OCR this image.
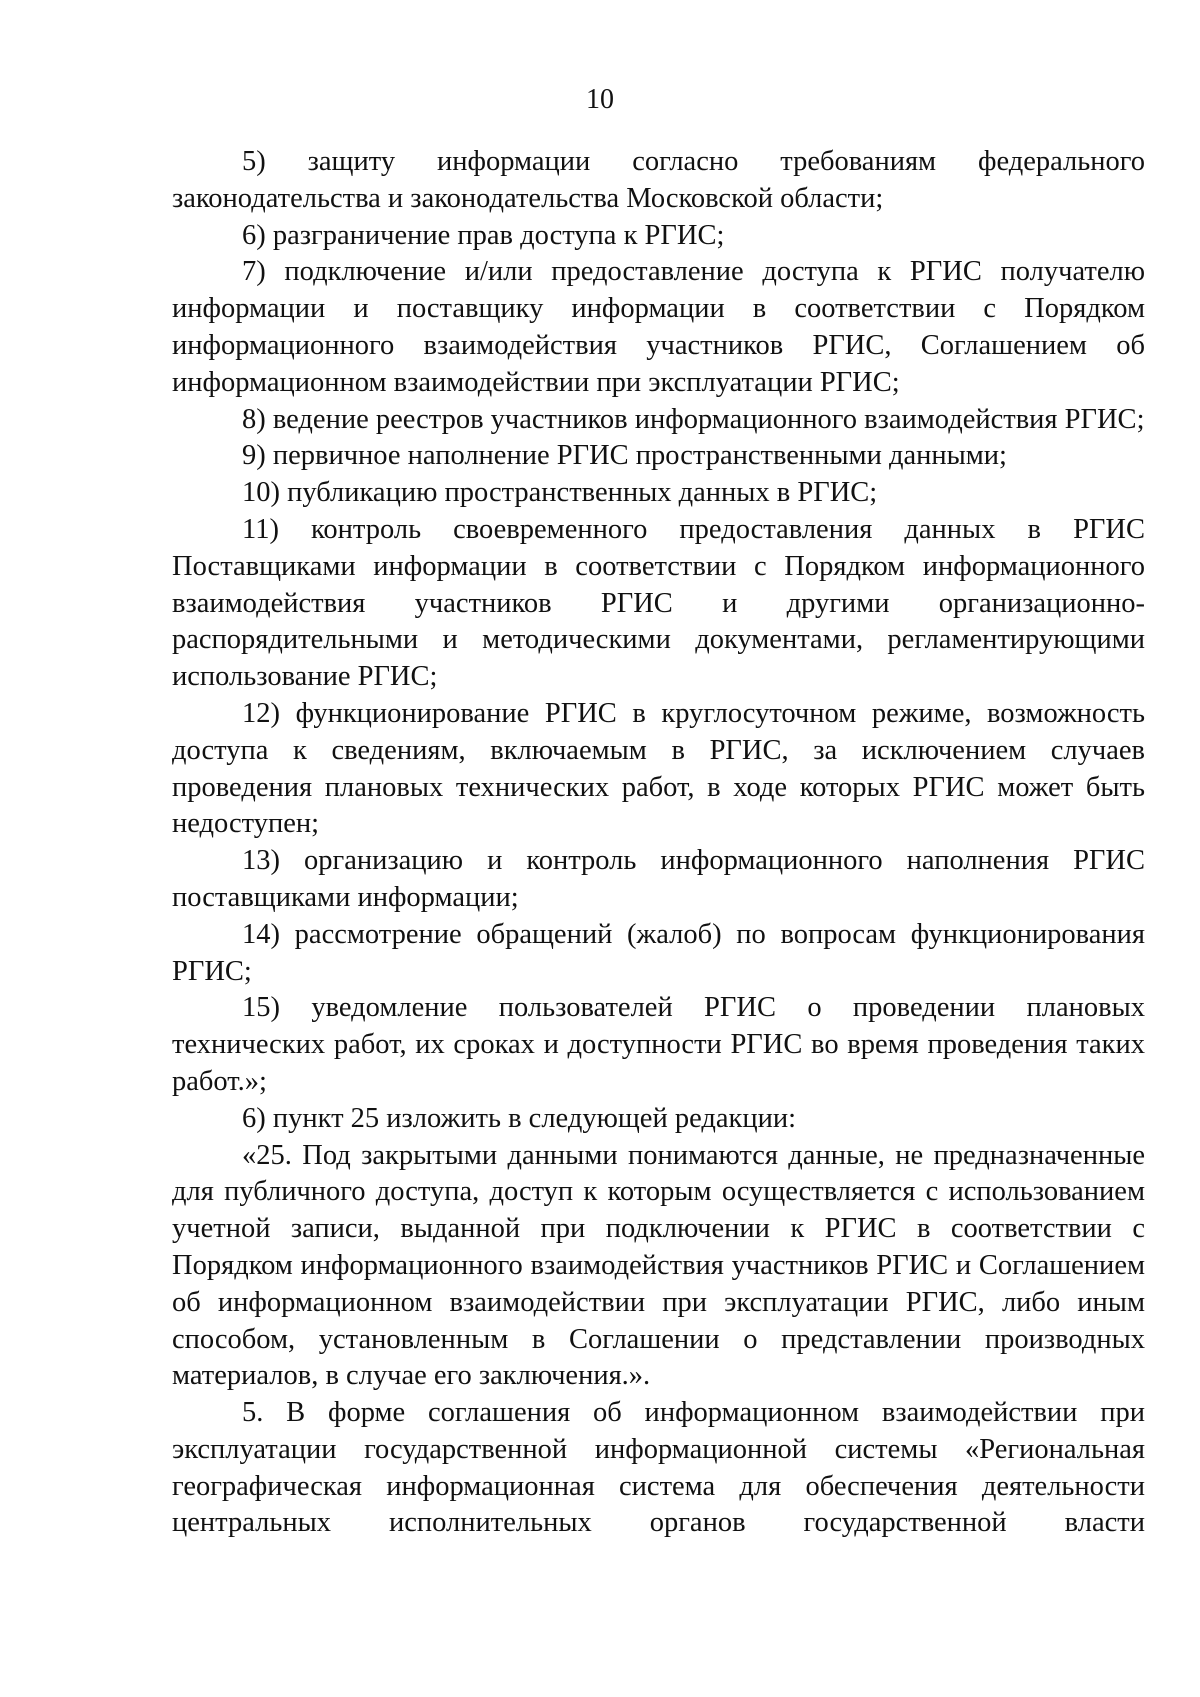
10

5) защиту информации согласно требованиям федерального законодательства и законодательства Московской области;

6) разграничение прав доступа к РГИС;

7) подключение и/или предоставление доступа к РГИС получателю информации и поставщику информации в соответствии с Порядком информационного взаимодействия участников РГИС, Соглашением об информационном взаимодействии при эксплуатации РГИС;

8) ведение реестров участников информационного взаимодействия РГИС;

9) первичное наполнение РГИС пространственными данными;

10) публикацию пространственных данных в РГИС;

11) контроль своевременного предоставления данных в РГИС Поставщиками информации в соответствии с Порядком информационного взаимодействия участников РГИС и другими организационно-распорядительными и методическими документами, регламентирующими использование РГИС;

12) функционирование РГИС в круглосуточном режиме, возможность доступа к сведениям, включаемым в РГИС, за исключением случаев проведения плановых технических работ, в ходе которых РГИС может быть недоступен;

13) организацию и контроль информационного наполнения РГИС поставщиками информации;

14) рассмотрение обращений (жалоб) по вопросам функционирования РГИС;

15) уведомление пользователей РГИС о проведении плановых технических работ, их сроках и доступности РГИС во время проведения таких работ.»;

6) пункт 25 изложить в следующей редакции:

«25. Под закрытыми данными понимаются данные, не предназначенные для публичного доступа, доступ к которым осуществляется с использованием учетной записи, выданной при подключении к РГИС в соответствии с Порядком информационного взаимодействия участников РГИС и Соглашением об информационном взаимодействии при эксплуатации РГИС, либо иным способом, установленным в Соглашении о представлении производных материалов, в случае его заключения.».

5. В форме соглашения об информационном взаимодействии при эксплуатации государственной информационной системы «Региональная географическая информационная система для обеспечения деятельности центральных исполнительных органов государственной власти
